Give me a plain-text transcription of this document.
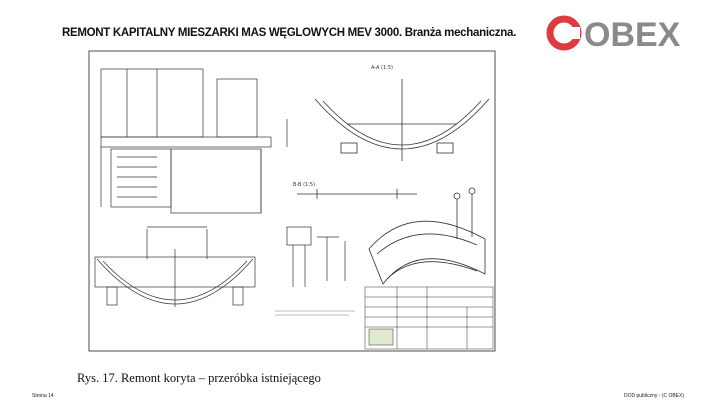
REMONT KAPITALNY MIESZARKI MAS WĘGLOWYCH MEV 3000. Branża mechaniczna. OBEX
A-A (1:5)
B-B (1:5)
Rys. 17. Remont koryta – przeróbka istniejącego
Strona 14	DOD publiczny - (C OBEX)
